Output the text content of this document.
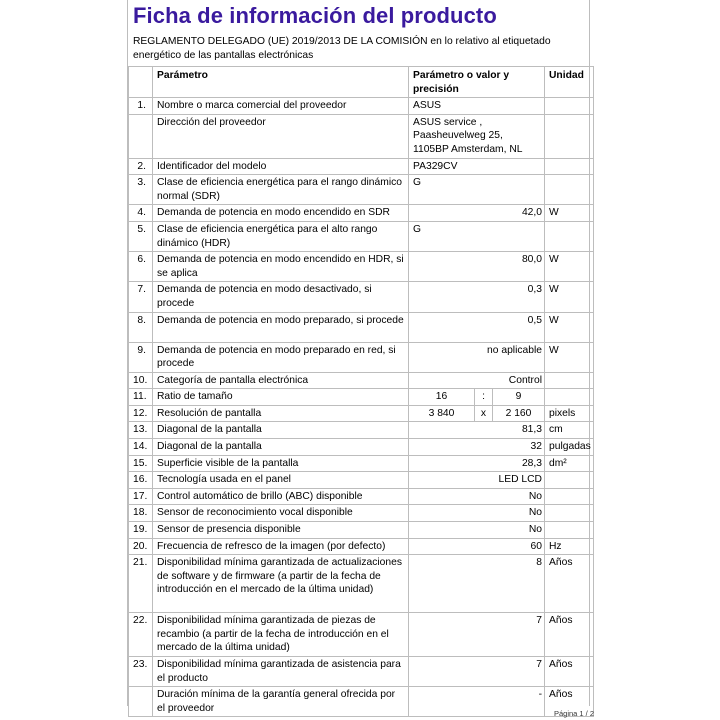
Ficha de información del producto
REGLAMENTO DELEGADO (UE) 2019/2013 DE LA COMISIÓN en lo relativo al etiquetado energético de las pantallas electrónicas
	Parámetro	Parámetro o valor y precisión			Unidad
1.	Nombre o marca comercial del proveedor	ASUS			
	Dirección del proveedor	ASUS service , Paasheuvelweg 25, 1105BP Amsterdam, NL			
2.	Identificador del modelo	PA329CV			
3.	Clase de eficiencia energética para el rango dinámico normal (SDR)	G			
4.	Demanda de potencia en modo encendido en SDR	42,0			W
5.	Clase de eficiencia energética para el alto rango dinámico (HDR)	G			
6.	Demanda de potencia en modo encendido en HDR, si se aplica	80,0			W
7.	Demanda de potencia en modo desactivado, si procede	0,3			W
8.	Demanda de potencia en modo preparado, si procede	0,5			W
9.	Demanda de potencia en modo preparado en red, si procede	no aplicable			W
10.	Categoría de pantalla electrónica	Control			
11.	Ratio de tamaño	16	:	9	
12.	Resolución de pantalla	3 840	x	2 160	pixels
13.	Diagonal de la pantalla	81,3			cm
14.	Diagonal de la pantalla	32			pulgadas
15.	Superficie visible de la pantalla	28,3			dm²
16.	Tecnología usada en el panel	LED LCD			
17.	Control automático de brillo (ABC) disponible	No			
18.	Sensor de reconocimiento vocal disponible	No			
19.	Sensor de presencia disponible	No			
20.	Frecuencia de refresco de la imagen (por defecto)	60			Hz
21.	Disponibilidad mínima garantizada de actualizaciones de software y de firmware (a partir de la fecha de introducción en el mercado de la última unidad)	8			Años
22.	Disponibilidad mínima garantizada de piezas de recambio (a partir de la fecha de introducción en el mercado de la última unidad)	7			Años
23.	Disponibilidad mínima garantizada de asistencia para el producto	7			Años
	Duración mínima de la garantía general ofrecida por el proveedor	-			Años
Página 1 / 2
